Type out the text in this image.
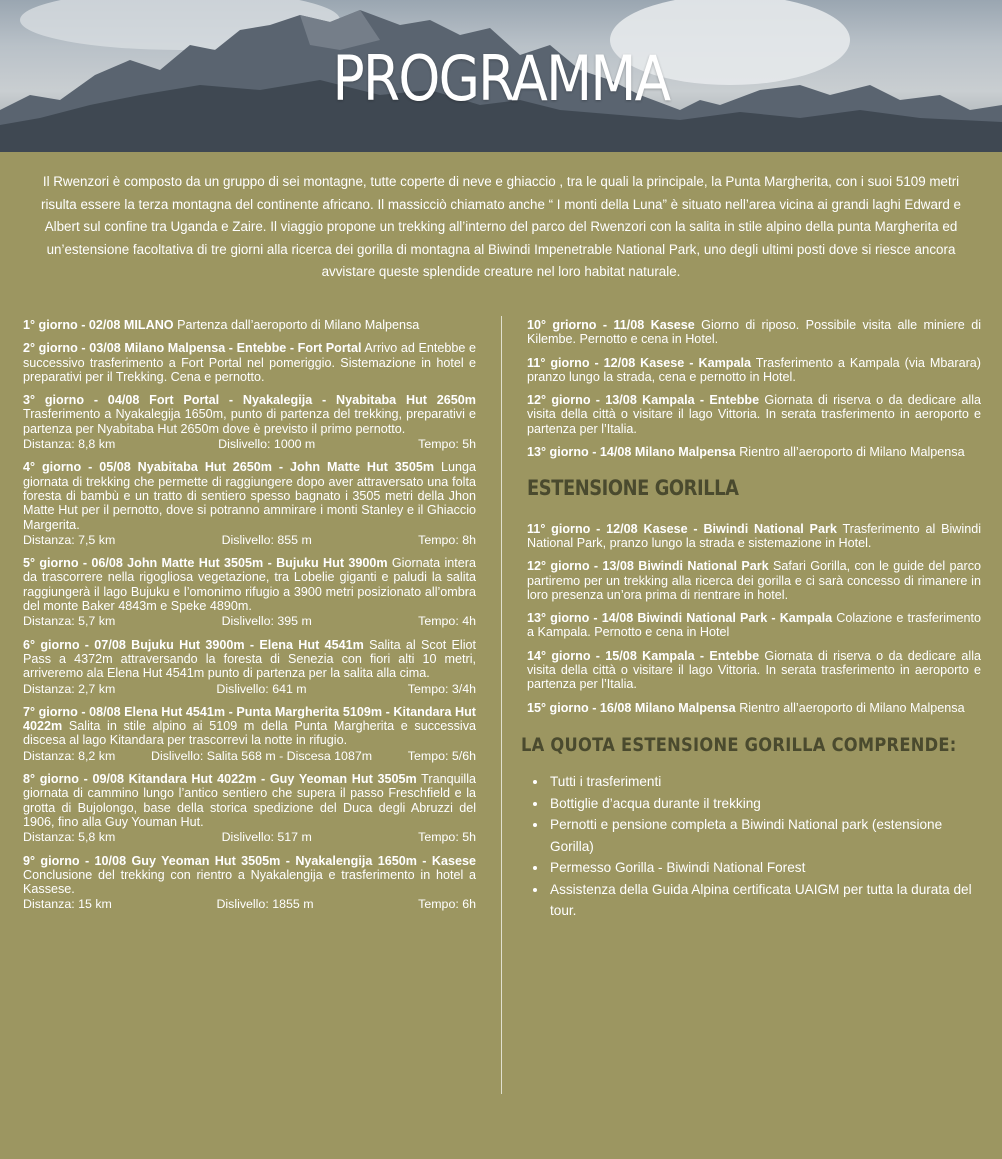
PROGRAMMA
Il Rwenzori è composto da un gruppo di sei montagne, tutte coperte di neve e ghiaccio , tra le quali la principale, la Punta Margherita, con i suoi 5109 metri risulta essere la terza montagna del continente africano. Il massicciò chiamato anche “ I monti della Luna” è situato nell’area vicina ai grandi laghi Edward e Albert sul confine tra Uganda e Zaire. Il viaggio propone un trekking all’interno del parco del Rwenzori con la salita in stile alpino della punta Margherita ed un’estensione facoltativa di tre giorni alla ricerca dei gorilla di montagna al Biwindi Impenetrable National Park, uno degli ultimi posti dove si riesce ancora avvistare queste splendide creature nel loro habitat naturale.
1° giorno - 02/08 MILANO Partenza dall’aeroporto di Milano Malpensa
2° giorno - 03/08 Milano Malpensa - Entebbe - Fort Portal Arrivo ad Entebbe e successivo trasferimento a Fort Portal nel pomeriggio. Sistemazione in hotel e preparativi per il Trekking. Cena e pernotto.
3° giorno - 04/08 Fort Portal - Nyakalegija - Nyabitaba Hut 2650m Trasferimento a Nyakalegija 1650m, punto di partenza del trekking, preparativi e partenza per Nyabitaba Hut 2650m dove è previsto il primo pernotto.
Distanza: 8,8 km	Dislivello: 1000 m	Tempo: 5h
4° giorno - 05/08 Nyabitaba Hut 2650m - John Matte Hut 3505m Lunga giornata di trekking che permette di raggiungere dopo aver attraversato una folta foresta di bambù e un tratto di sentiero spesso bagnato i 3505 metri della Jhon Matte Hut per il pernotto, dove si potranno ammirare i monti Stanley e il Ghiaccio Margerita.
Distanza: 7,5 km	Dislivello: 855 m	Tempo: 8h
5° giorno - 06/08 John Matte Hut 3505m - Bujuku Hut 3900m Giornata intera da trascorrere nella rigogliosa vegetazione, tra Lobelie giganti e paludi la salita raggiungerà il lago Bujuku e l’omonimo rifugio a 3900 metri posizionato all’ombra del monte Baker 4843m e Speke 4890m.
Distanza: 5,7 km	Dislivello: 395 m	Tempo: 4h
6° giorno - 07/08 Bujuku Hut 3900m - Elena Hut 4541m Salita al Scot Eliot Pass a 4372m attraversando la foresta di Senezia con fiori alti 10 metri, arriveremo ala Elena Hut 4541m punto di partenza per la salita alla cima.
Distanza: 2,7 km	Dislivello: 641 m	Tempo: 3/4h
7° giorno - 08/08 Elena Hut 4541m - Punta Margherita 5109m - Kitandara Hut 4022m Salita in stile alpino ai 5109 m della Punta Margherita e successiva discesa al lago Kitandara per trascorrevi la notte in rifugio.
Distanza: 8,2 km	Dislivello: Salita 568 m - Discesa 1087m	Tempo: 5/6h
8° giorno - 09/08 Kitandara Hut 4022m - Guy Yeoman Hut 3505m Tranquilla giornata di cammino lungo l’antico sentiero che supera il passo Freschfield e la grotta di Bujolongo, base della storica spedizione del Duca degli Abruzzi del 1906, fino alla Guy Youman Hut.
Distanza: 5,8 km	Dislivello: 517 m	Tempo: 5h
9° giorno - 10/08 Guy Yeoman Hut 3505m - Nyakalengija 1650m - Kasese Conclusione del trekking con rientro a Nyakalengija e trasferimento in hotel a Kassese.
Distanza: 15 km	Dislivello: 1855 m	Tempo: 6h
10° griorno - 11/08 Kasese Giorno di riposo. Possibile visita alle miniere di Kilembe. Pernotto e cena in Hotel.
11° giorno - 12/08 Kasese - Kampala Trasferimento a Kampala (via Mbarara) pranzo lungo la strada, cena e pernotto in Hotel.
12° giorno - 13/08 Kampala - Entebbe Giornata di riserva o da dedicare alla visita della città o visitare il lago Vittoria. In serata trasferimento in aeroporto e partenza per l’Italia.
13° giorno - 14/08 Milano Malpensa Rientro all’aeroporto di Milano Malpensa
ESTENSIONE GORILLA
11° giorno - 12/08 Kasese - Biwindi National Park Trasferimento al Biwindi National Park, pranzo lungo la strada e sistemazione in Hotel.
12° giorno - 13/08 Biwindi National Park Safari Gorilla, con le guide del parco partiremo per un trekking alla ricerca dei gorilla e ci sarà concesso di rimanere in loro presenza un’ora prima di rientrare in hotel.
13° giorno - 14/08 Biwindi National Park - Kampala Colazione e trasferimento a Kampala. Pernotto e cena in Hotel
14° giorno - 15/08 Kampala - Entebbe Giornata di riserva o da dedicare alla visita della città o visitare il lago Vittoria. In serata trasferimento in aeroporto e partenza per l’Italia.
15° giorno - 16/08 Milano Malpensa Rientro all’aeroporto di Milano Malpensa
LA QUOTA ESTENSIONE GORILLA COMPRENDE:
• Tutti i trasferimenti
• Bottiglie d’acqua durante il trekking
• Pernotti e pensione completa a Biwindi National park (estensione Gorilla)
• Permesso Gorilla - Biwindi National Forest
• Assistenza della Guida Alpina certificata UAIGM per tutta la durata del tour.
